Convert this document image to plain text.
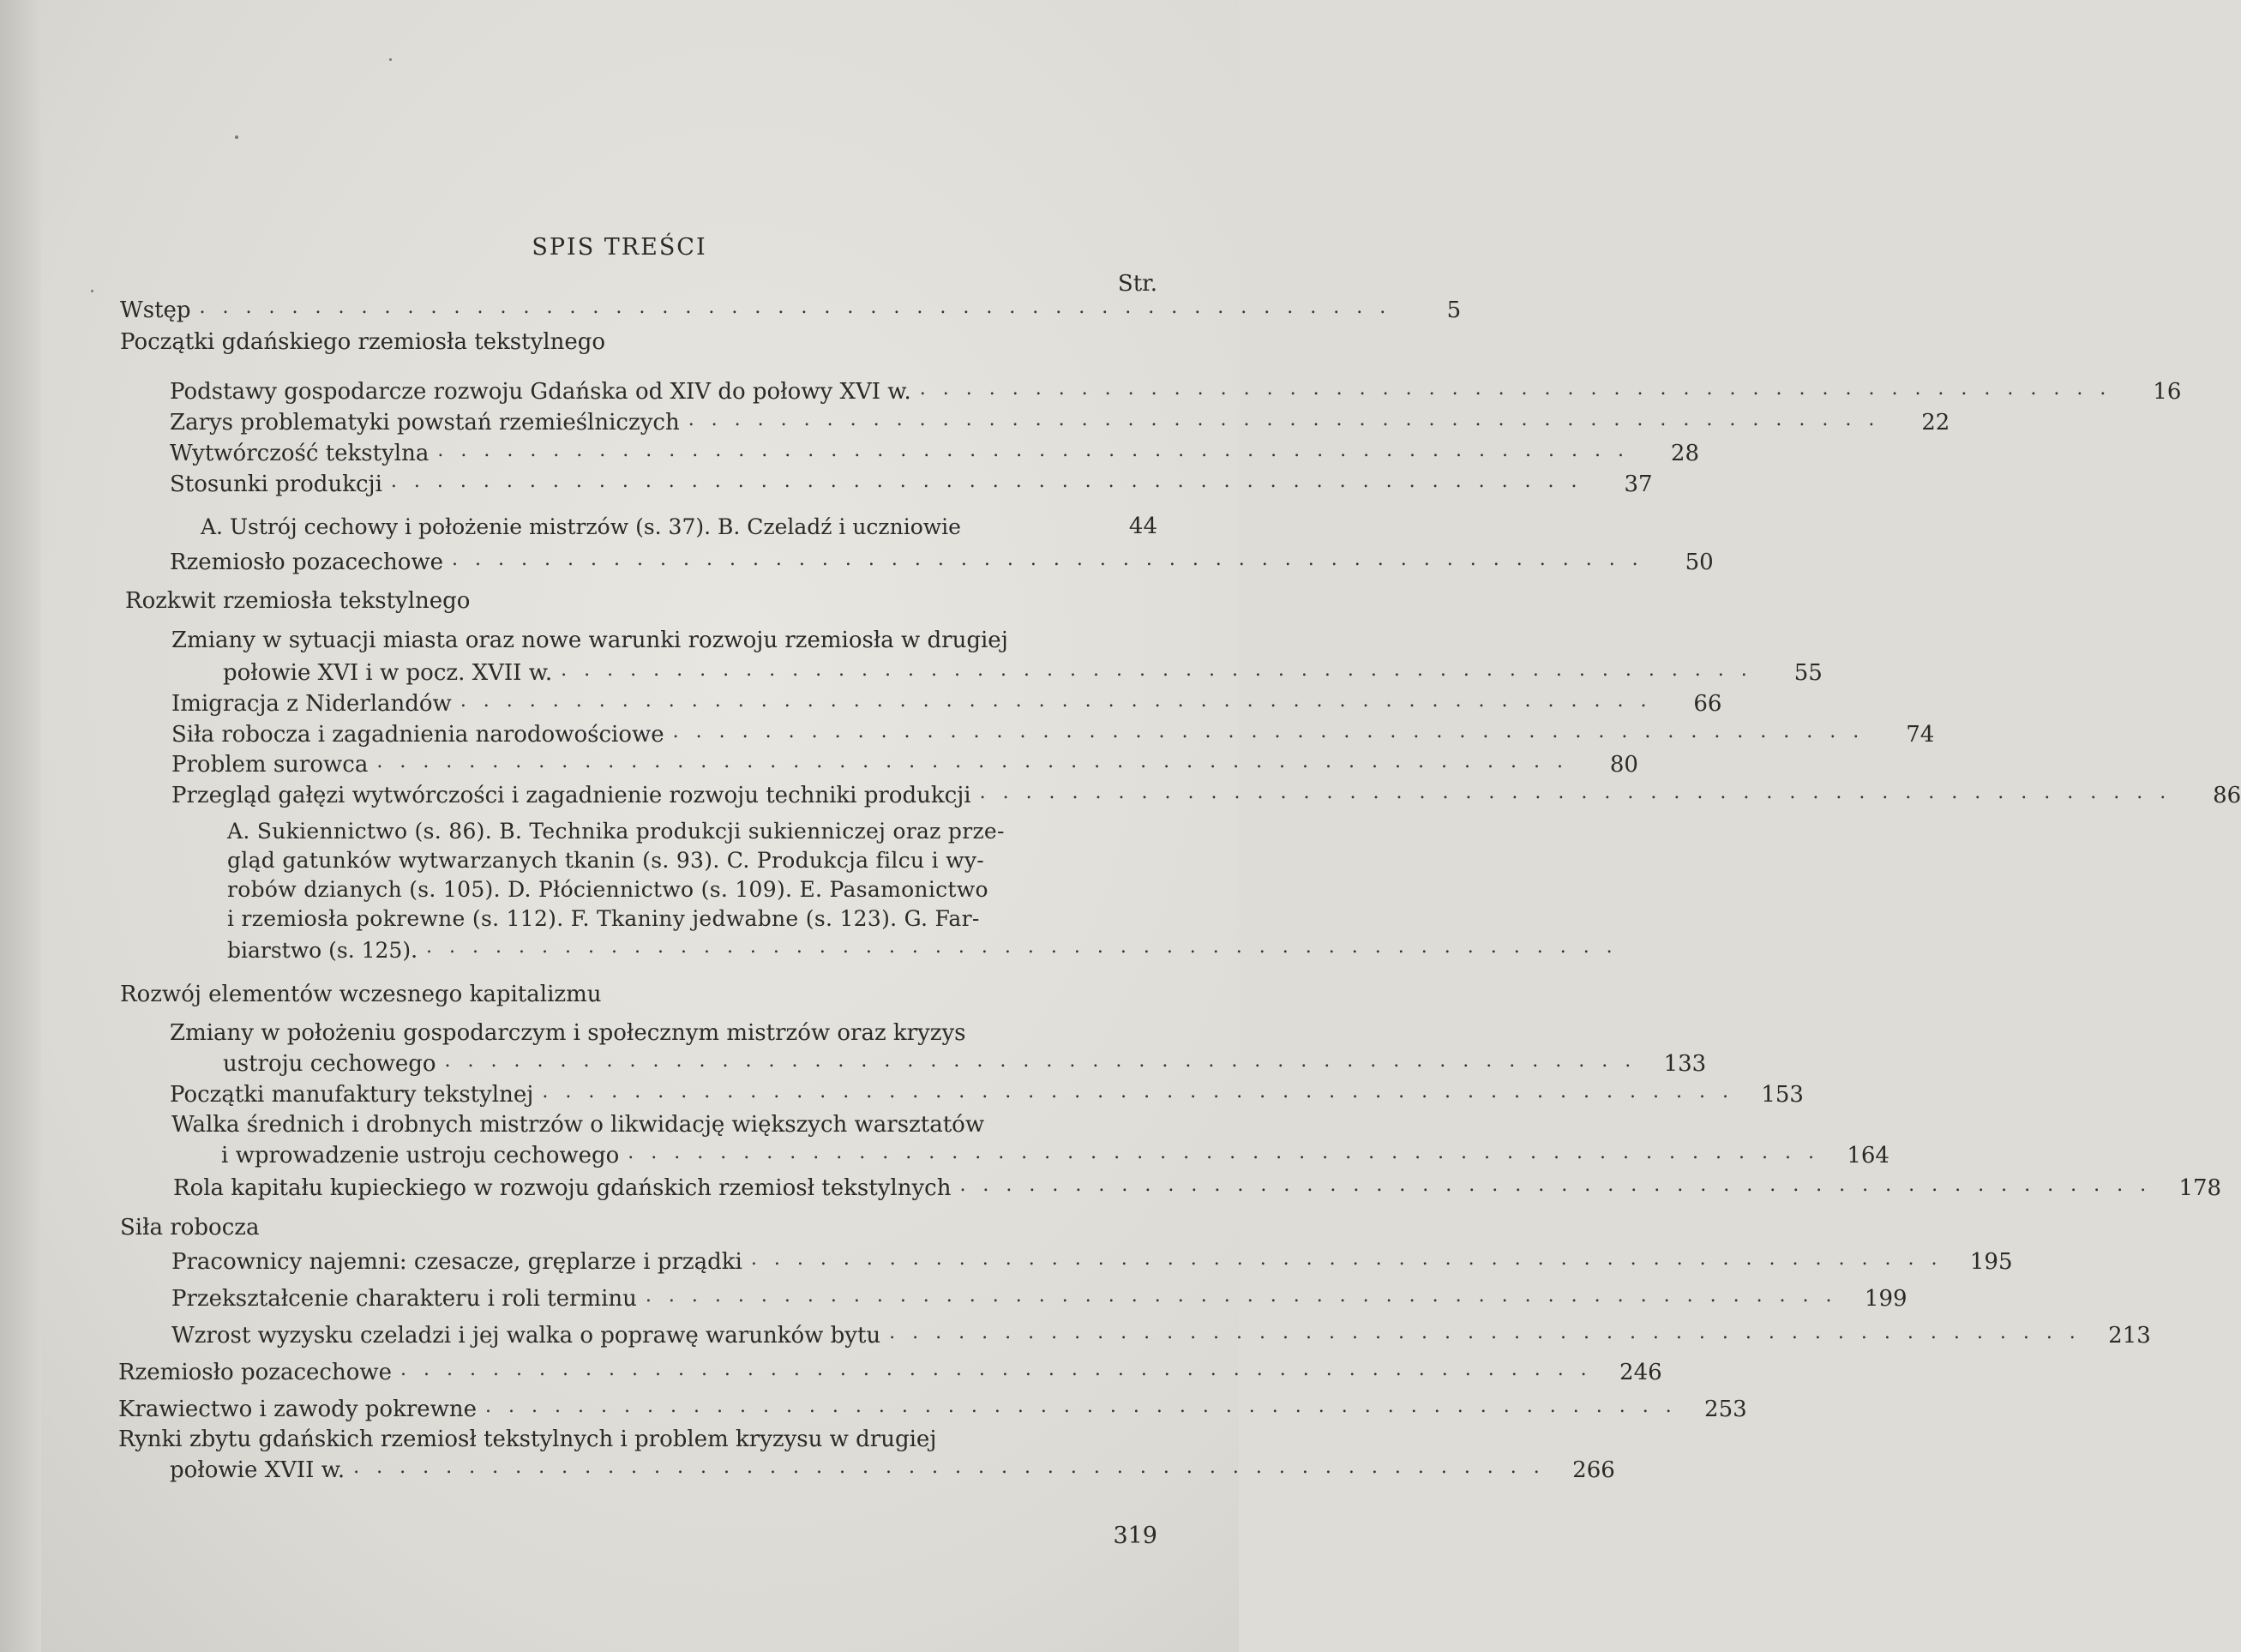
SPIS TREŚCI
Str.
Wstęp ....................................................	5
Początki gdańskiego rzemiosła tekstylnego
Podstawy gospodarcze rozwoju Gdańska od XIV do połowy XVI w. ....................................................	16
Zarys problematyki powstań rzemieślniczych ....................................................	22
Wytwórczość tekstylna ....................................................	28
Stosunki produkcji ....................................................	37
A. Ustrój cechowy i położenie mistrzów (s. 37). B. Czeladź i uczniowie	44
Rzemiosło pozacechowe ....................................................	50
Rozkwit rzemiosła tekstylnego
Zmiany w sytuacji miasta oraz nowe warunki rozwoju rzemiosła w drugiej
połowie XVI i w pocz. XVII w. ....................................................	55
Imigracja z Niderlandów ....................................................	66
Siła robocza i zagadnienia narodowościowe ....................................................	74
Problem surowca ....................................................	80
Przegląd gałęzi wytwórczości i zagadnienie rozwoju techniki produkcji ....................................................	86
A. Sukiennictwo (s. 86). B. Technika produkcji sukienniczej oraz prze-
gląd gatunków wytwarzanych tkanin (s. 93). C. Produkcja filcu i wy-
robów dzianych (s. 105). D. Płóciennictwo (s. 109). E. Pasamonictwo
i rzemiosła pokrewne (s. 112). F. Tkaniny jedwabne (s. 123). G. Far-
biarstwo (s. 125). ....................................................
Rozwój elementów wczesnego kapitalizmu
Zmiany w położeniu gospodarczym i społecznym mistrzów oraz kryzys
ustroju cechowego .................................................... 133
Początki manufaktury tekstylnej .................................................... 153
Walka średnich i drobnych mistrzów o likwidację większych warsztatów
i wprowadzenie ustroju cechowego .................................................... 164
Rola kapitału kupieckiego w rozwoju gdańskich rzemiosł tekstylnych .................................................... 178
Siła robocza
Pracownicy najemni: czesacze, gręplarze i prządki .................................................... 195
Przekształcenie charakteru i roli terminu .................................................... 199
Wzrost wyzysku czeladzi i jej walka o poprawę warunków bytu .................................................... 213
Rzemiosło pozacechowe .................................................... 246
Krawiectwo i zawody pokrewne .................................................... 253
Rynki zbytu gdańskich rzemiosł tekstylnych i problem kryzysu w drugiej
połowie XVII w. .................................................... 266
319
